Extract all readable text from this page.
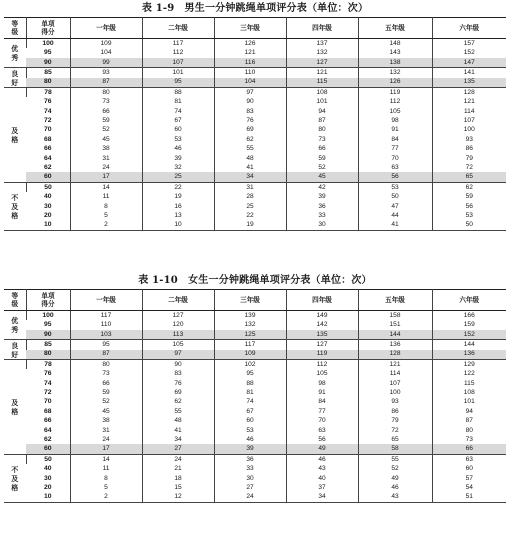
表 1-9　男生一分钟跳绳单项评分表（单位：次）
等级	单项
得分	一年级	二年级	三年级	四年级	五年级	六年级

优
秀	100	109	117	126	137	148	157
	95	104	112	121	132	143	152
	90	99	107	116	127	138	147

良
好	85	93	101	110	121	132	141
	80	87	95	104	115	126	135

及
格	78	80	88	97	108	119	128
	76	73	81	90	101	112	121
	74	66	74	83	94	105	114
	72	59	67	76	87	98	107
	70	52	60	69	80	91	100
	68	45	53	62	73	84	93
	66	38	46	55	66	77	86
	64	31	39	48	59	70	79
	62	24	32	41	52	63	72
	60	17	25	34	45	56	65

不
及
格	50	14	22	31	42	53	62
	40	11	19	28	39	50	59
	30	8	16	25	36	47	56
	20	5	13	22	33	44	53
	10	2	10	19	30	41	50
表 1-10　女生一分钟跳绳单项评分表（单位：次）
等级	单项
得分	一年级	二年级	三年级	四年级	五年级	六年级

优
秀	100	117	127	139	149	158	166
	95	110	120	132	142	151	159
	90	103	113	125	135	144	152

良
好	85	95	105	117	127	136	144
	80	87	97	109	119	128	136

及
格	78	80	90	102	112	121	129
	76	73	83	95	105	114	122
	74	66	76	88	98	107	115
	72	59	69	81	91	100	108
	70	52	62	74	84	93	101
	68	45	55	67	77	86	94
	66	38	48	60	70	79	87
	64	31	41	53	63	72	80
	62	24	34	46	56	65	73
	60	17	27	39	49	58	66

不
及
格	50	14	24	36	46	55	63
	40	11	21	33	43	52	60
	30	8	18	30	40	49	57
	20	5	15	27	37	46	54
	10	2	12	24	34	43	51
